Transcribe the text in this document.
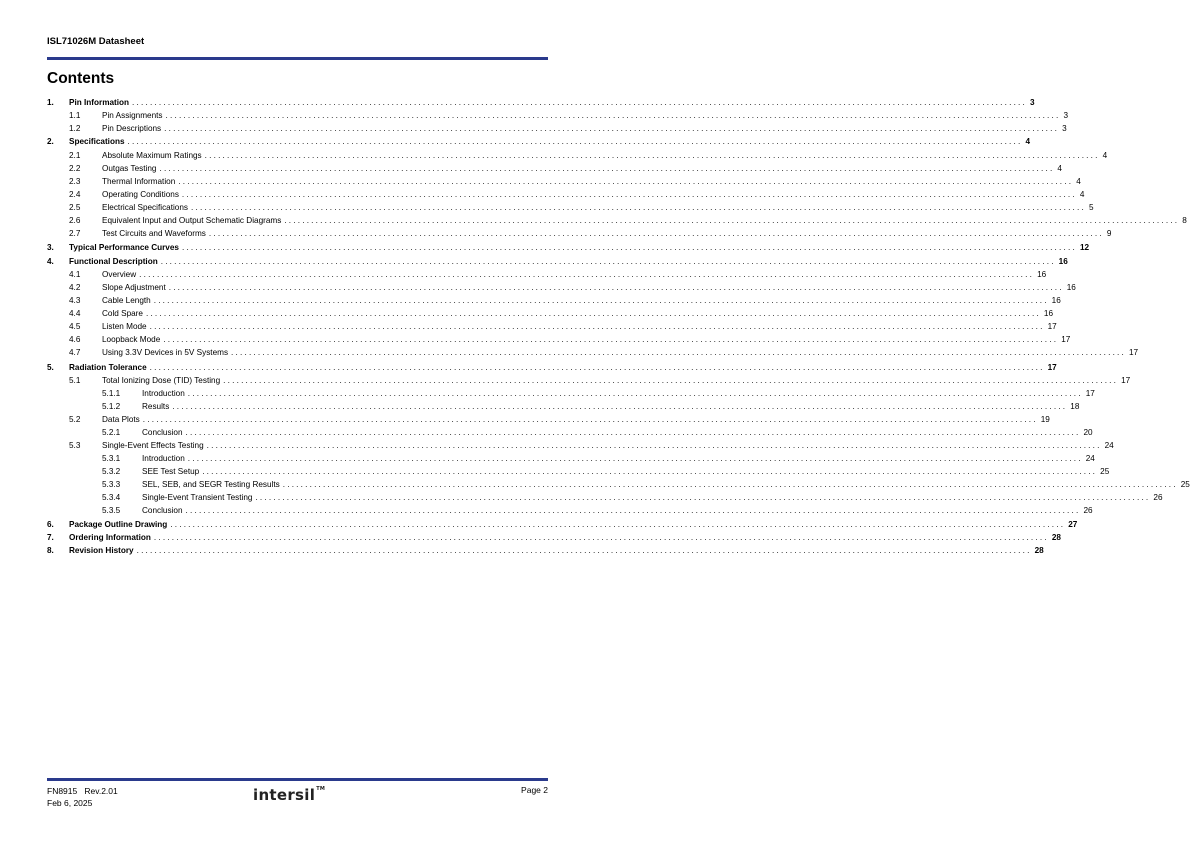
ISL71026M Datasheet
Contents
1.	Pin Information ........................................................................................................................................................................................................ 3
1.1	Pin Assignments ........................................................................................................................................................................................................ 3
1.2	Pin Descriptions ........................................................................................................................................................................................................ 3
2.	Specifications ........................................................................................................................................................................................................ 4
2.1	Absolute Maximum Ratings ........................................................................................................................................................................................................ 4
2.2	Outgas Testing ........................................................................................................................................................................................................ 4
2.3	Thermal Information ........................................................................................................................................................................................................ 4
2.4	Operating Conditions ........................................................................................................................................................................................................ 4
2.5	Electrical Specifications ........................................................................................................................................................................................................ 5
2.6	Equivalent Input and Output Schematic Diagrams ........................................................................................................................................................................................................ 8
2.7	Test Circuits and Waveforms ........................................................................................................................................................................................................ 9
3.	Typical Performance Curves ........................................................................................................................................................................................................ 12
4.	Functional Description ........................................................................................................................................................................................................ 16
4.1	Overview ........................................................................................................................................................................................................ 16
4.2	Slope Adjustment ........................................................................................................................................................................................................ 16
4.3	Cable Length ........................................................................................................................................................................................................ 16
4.4	Cold Spare ........................................................................................................................................................................................................ 16
4.5	Listen Mode ........................................................................................................................................................................................................ 17
4.6	Loopback Mode ........................................................................................................................................................................................................ 17
4.7	Using 3.3V Devices in 5V Systems ........................................................................................................................................................................................................ 17
5.	Radiation Tolerance ........................................................................................................................................................................................................ 17
5.1	Total Ionizing Dose (TID) Testing ........................................................................................................................................................................................................ 17
5.1.1	Introduction ........................................................................................................................................................................................................ 17
5.1.2	Results ........................................................................................................................................................................................................ 18
5.2	Data Plots ........................................................................................................................................................................................................ 19
5.2.1	Conclusion ........................................................................................................................................................................................................ 20
5.3	Single-Event Effects Testing ........................................................................................................................................................................................................ 24
5.3.1	Introduction ........................................................................................................................................................................................................ 24
5.3.2	SEE Test Setup ........................................................................................................................................................................................................ 25
5.3.3	SEL, SEB, and SEGR Testing Results ........................................................................................................................................................................................................ 25
5.3.4	Single-Event Transient Testing ........................................................................................................................................................................................................ 26
5.3.5	Conclusion ........................................................................................................................................................................................................ 26
6.	Package Outline Drawing ........................................................................................................................................................................................................ 27
7.	Ordering Information ........................................................................................................................................................................................................ 28
8.	Revision History ........................................................................................................................................................................................................ 28
FN8915 Rev.2.01
Feb 6, 2025	intersil™	Page 2
